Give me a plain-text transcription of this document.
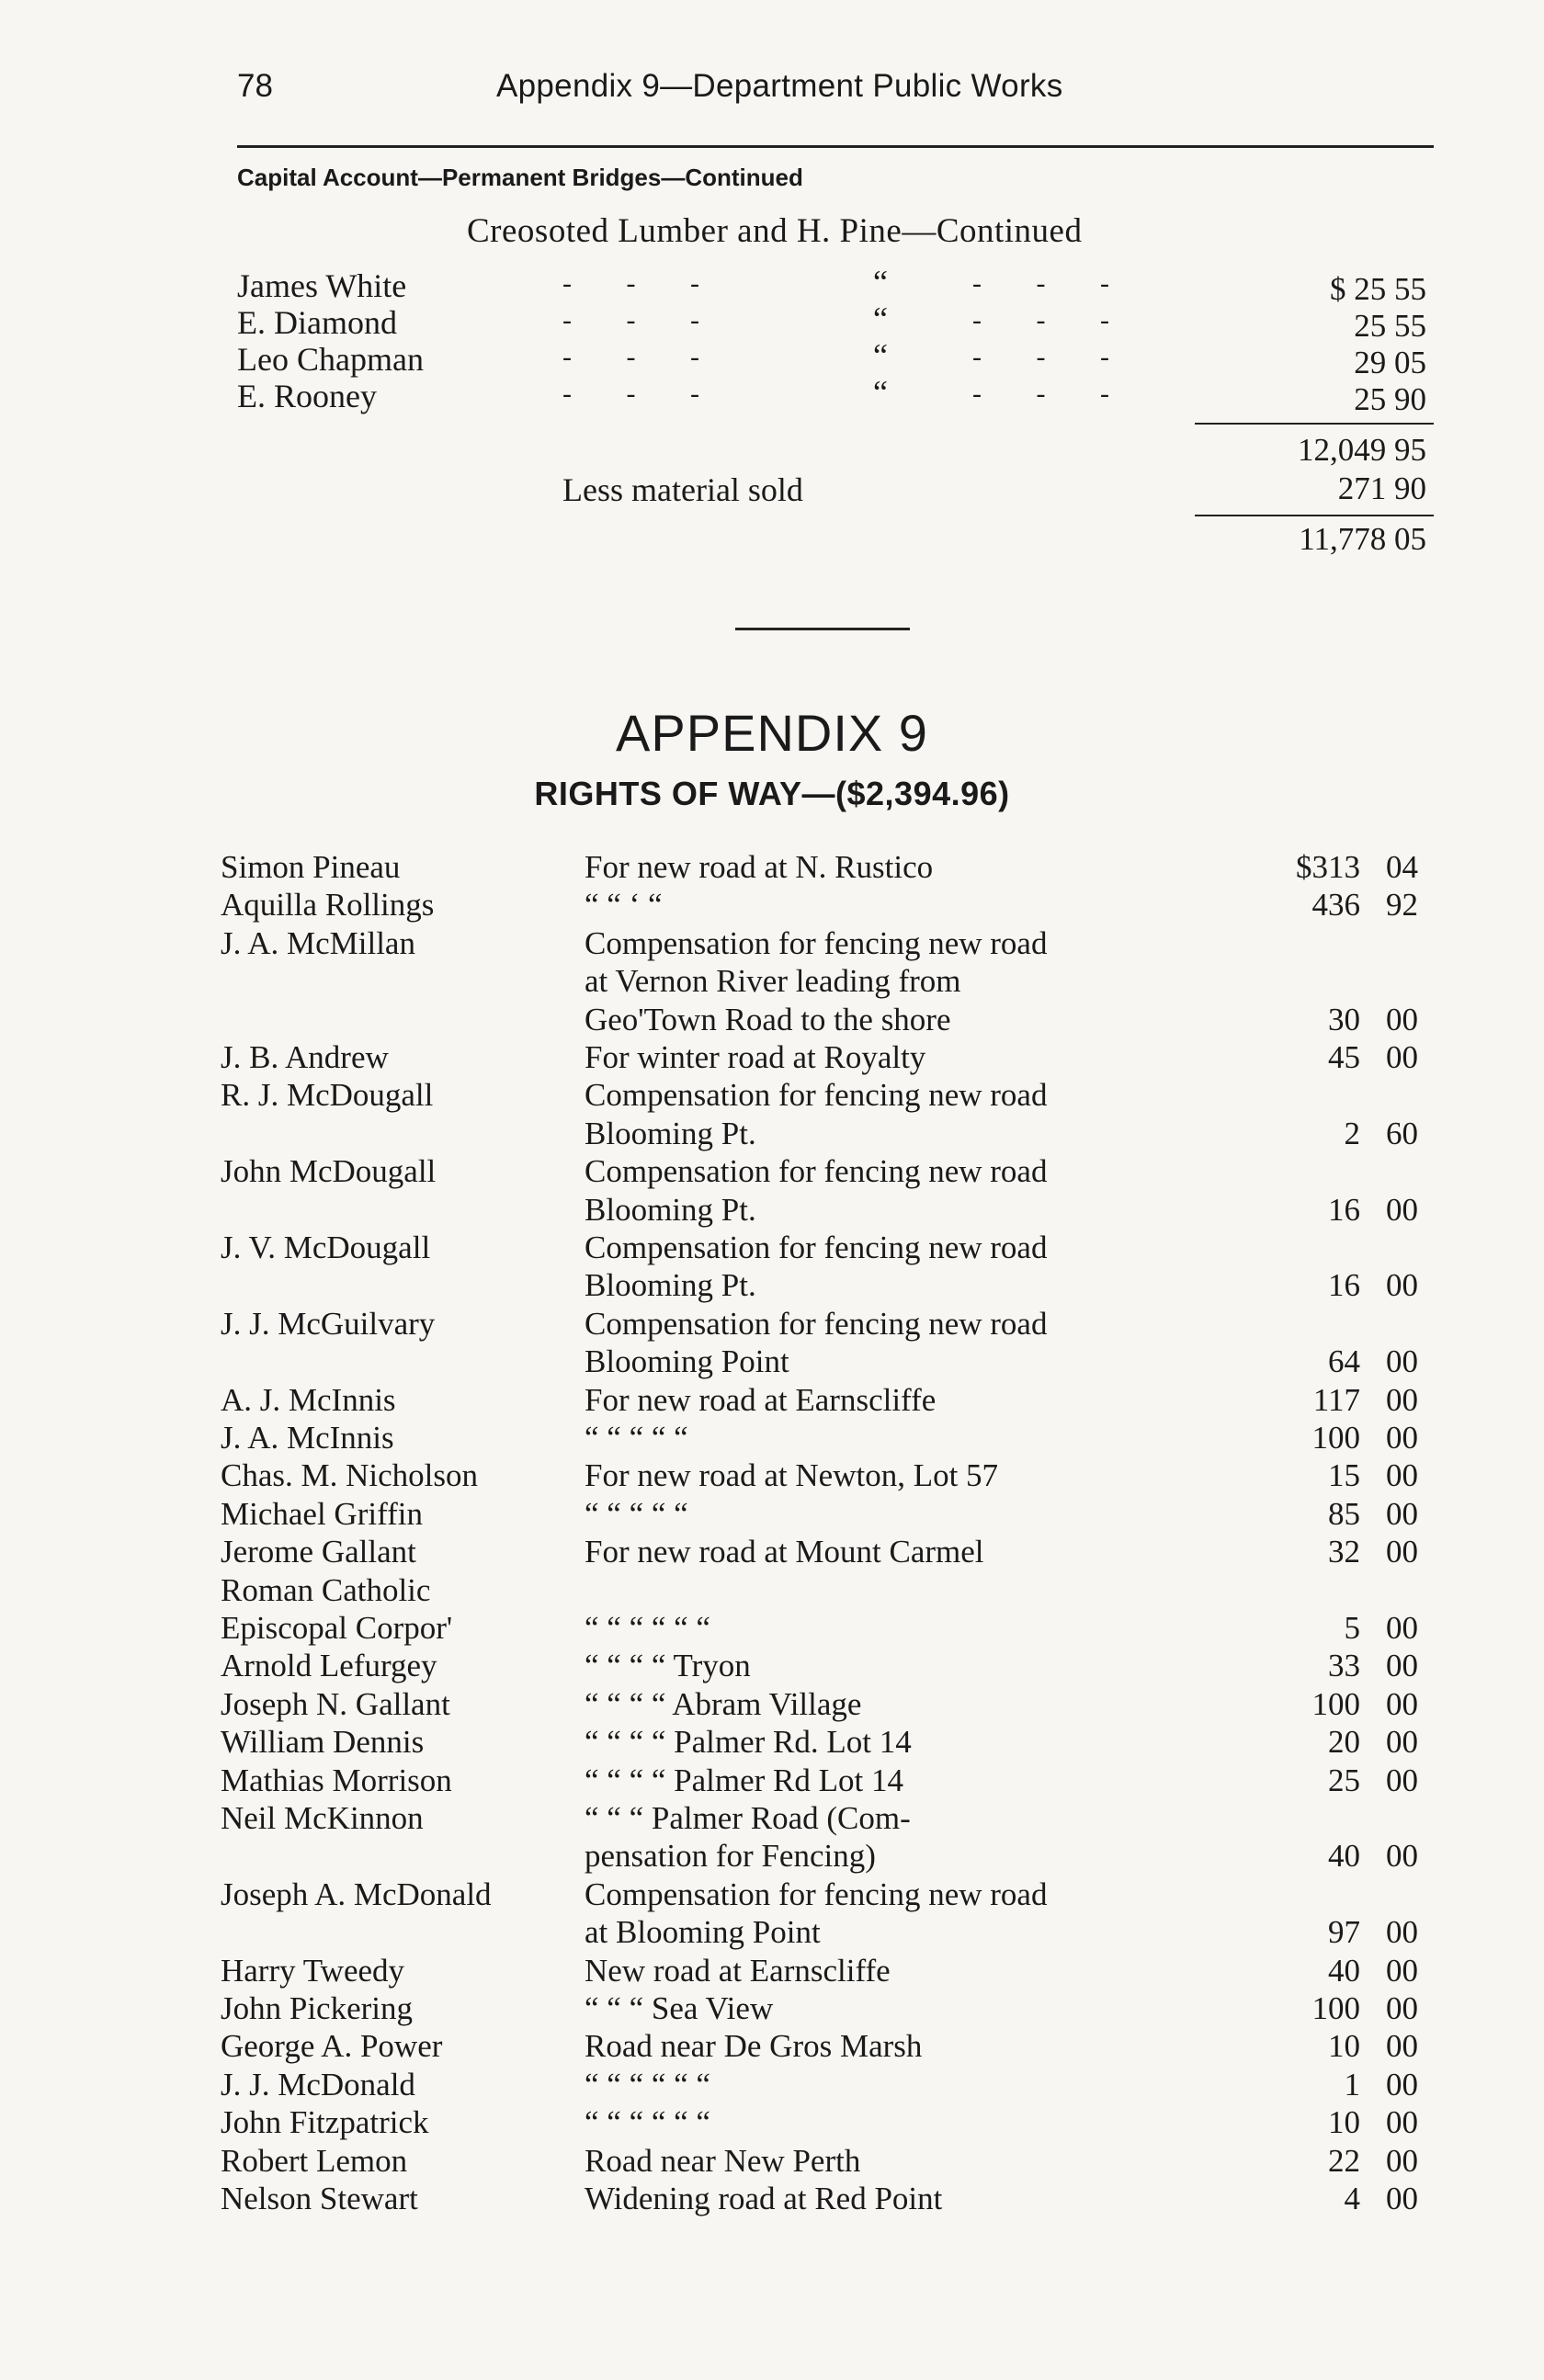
78	Appendix 9—Department Public Works
Capital Account—Permanent Bridges—Continued
Creosoted Lumber and H. Pine—Continued
James White	- - -	“	- - -	$ 25 55
E. Diamond	- - -	“	- - -	25 55
Leo Chapman	- - -	“	- - -	29 05
E. Rooney	- - -	“	- - -	25 90
12,049 95
Less material sold	271 90
11,778 05
APPENDIX 9
RIGHTS OF WAY—($2,394.96)
Simon Pineau	For new road at N. Rustico	$313 04
Aquilla Rollings	“ “ ‘ “	436 92
J. A. McMillan	Compensation for fencing new road
at Vernon River leading from
Geo'Town Road to the shore	30 00
J. B. Andrew	For winter road at Royalty	45 00
R. J. McDougall	Compensation for fencing new road
Blooming Pt.	2 60
John McDougall	Compensation for fencing new road
Blooming Pt.	16 00
J. V. McDougall	Compensation for fencing new road
Blooming Pt.	16 00
J. J. McGuilvary	Compensation for fencing new road
Blooming Point	64 00
A. J. McInnis	For new road at Earnscliffe	117 00
J. A. McInnis	“ “ “ “ “	100 00
Chas. M. Nicholson	For new road at Newton, Lot 57	15 00
Michael Griffin	“ “ “ “ “	85 00
Jerome Gallant	For new road at Mount Carmel	32 00
Roman Catholic
Episcopal Corpor'	“ “ “ “ “ “	5 00
Arnold Lefurgey	“ “ “ “ Tryon	33 00
Joseph N. Gallant	“ “ “ “ Abram Village	100 00
William Dennis	“ “ “ “ Palmer Rd. Lot 14	20 00
Mathias Morrison	“ “ “ “ Palmer Rd Lot 14	25 00
Neil McKinnon	“ “ “ Palmer Road (Com-
pensation for Fencing)	40 00
Joseph A. McDonald	Compensation for fencing new road
at Blooming Point	97 00
Harry Tweedy	New road at Earnscliffe	40 00
John Pickering	“ “ “ Sea View	100 00
George A. Power	Road near De Gros Marsh	10 00
J. J. McDonald	“ “ “ “ “ “	1 00
John Fitzpatrick	“ “ “ “ “ “	10 00
Robert Lemon	Road near New Perth	22 00
Nelson Stewart	Widening road at Red Point	4 00
